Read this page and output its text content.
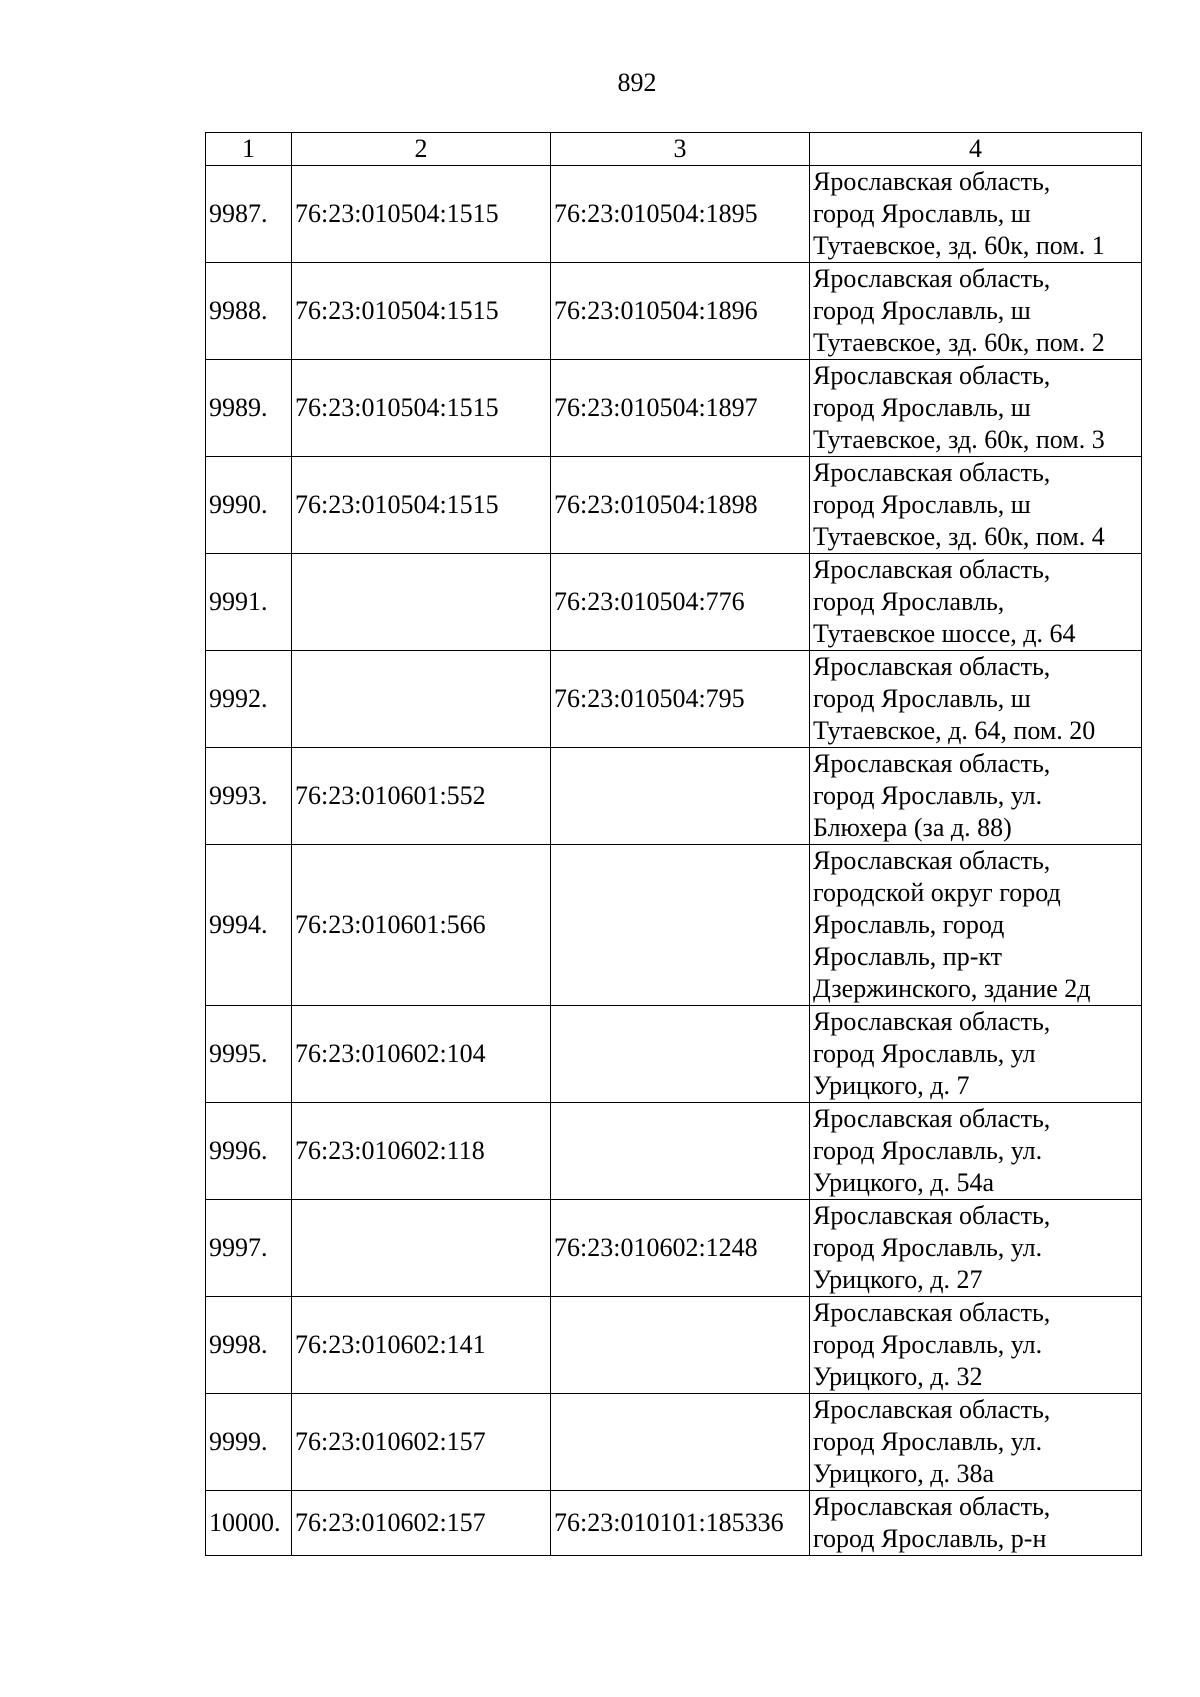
892
1	2	3	4
9987.	76:23:010504:1515	76:23:010504:1895	Ярославская область,
город Ярославль, ш
Тутаевское, зд. 60к, пом. 1

9988.	76:23:010504:1515	76:23:010504:1896	Ярославская область,
город Ярославль, ш
Тутаевское, зд. 60к, пом. 2

9989.	76:23:010504:1515	76:23:010504:1897	Ярославская область,
город Ярославль, ш
Тутаевское, зд. 60к, пом. 3

9990.	76:23:010504:1515	76:23:010504:1898	Ярославская область,
город Ярославль, ш
Тутаевское, зд. 60к, пом. 4

9991.		76:23:010504:776	Ярославская область,
город Ярославль,
Тутаевское шоссе, д. 64

9992.		76:23:010504:795	Ярославская область,
город Ярославль, ш
Тутаевское, д. 64, пом. 20

9993.	76:23:010601:552		Ярославская область,
город Ярославль, ул.
Блюхера (за д. 88)

9994.	76:23:010601:566		Ярославская область,
городской округ город
Ярославль, город
Ярославль, пр-кт
Дзержинского, здание 2д

9995.	76:23:010602:104		Ярославская область,
город Ярославль, ул
Урицкого, д. 7

9996.	76:23:010602:118		Ярославская область,
город Ярославль, ул.
Урицкого, д. 54а

9997.		76:23:010602:1248	Ярославская область,
город Ярославль, ул.
Урицкого, д. 27

9998.	76:23:010602:141		Ярославская область,
город Ярославль, ул.
Урицкого, д. 32

9999.	76:23:010602:157		Ярославская область,
город Ярославль, ул.
Урицкого, д. 38а

10000.	76:23:010602:157	76:23:010101:185336	Ярославская область,
город Ярославль, р-н
